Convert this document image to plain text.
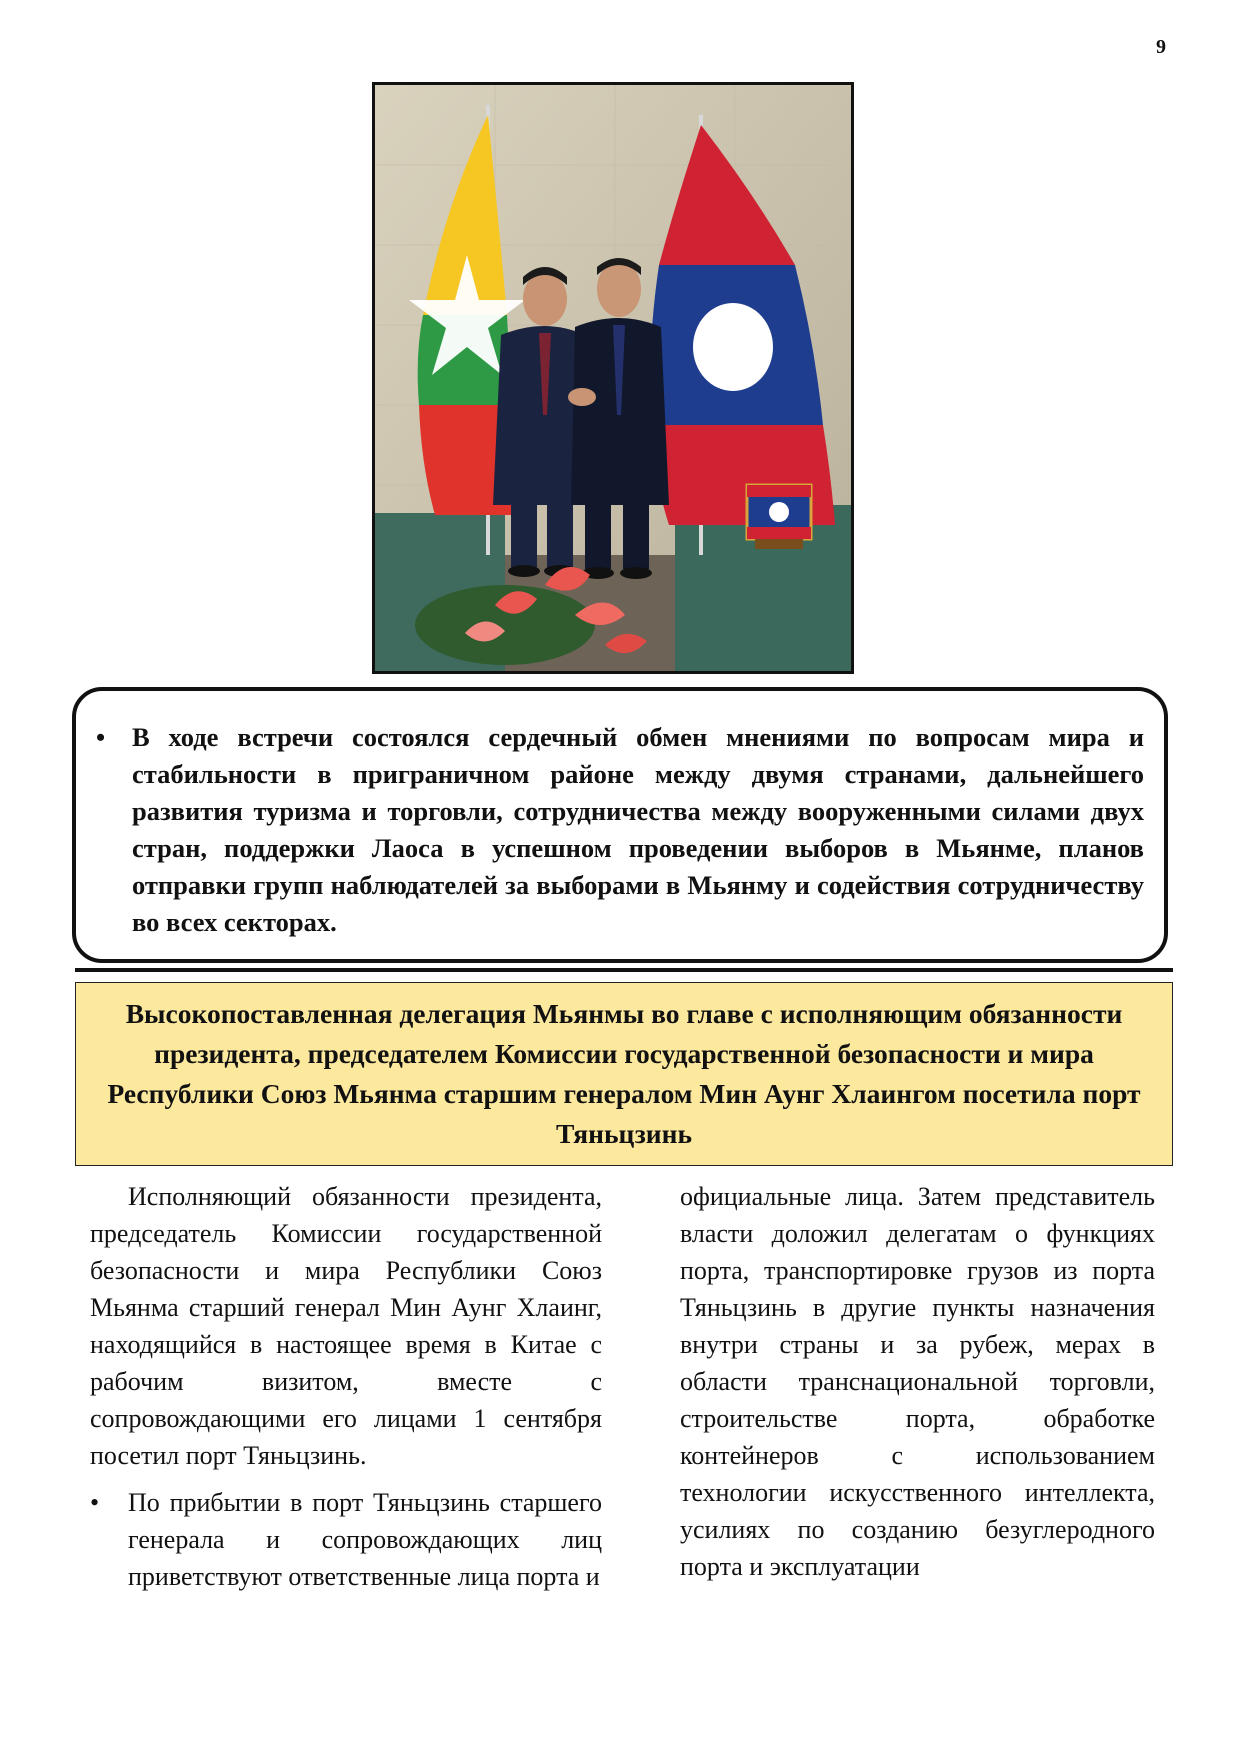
9
• В ходе встречи состоялся сердечный обмен мнениями по вопросам мира и стабильности в приграничном районе между двумя странами, дальнейшего развития туризма и торговли, сотрудничества между вооруженными силами двух стран, поддержки Лаоса в успешном проведении выборов в Мьянме, планов отправки групп наблюдателей за выборами в Мьянму и содействия сотрудничеству во всех секторах.
Высокопоставленная делегация Мьянмы во главе с исполняющим обязанности президента, председателем Комиссии государственной безопасности и мира Республики Союз Мьянма старшим генералом Мин Аунг Хлаингом посетила порт Тяньцзинь

Исполняющий обязанности президента, председатель Комиссии государственной безопасности и мира Республики Союз Мьянма старший генерал Мин Аунг Хлаинг, находящийся в настоящее время в Китае с рабочим визитом, вместе с сопровождающими его лицами 1 сентября посетил порт Тяньцзинь.

• По прибытии в порт Тяньцзинь старшего генерала и сопровождающих лиц приветствуют ответственные лица порта и

официальные лица. Затем представитель власти доложил делегатам о функциях порта, транспортировке грузов из порта Тяньцзинь в другие пункты назначения внутри страны и за рубеж, мерах в области транснациональной торговли, строительстве порта, обработке контейнеров с использованием технологии искусственного интеллекта, усилиях по созданию безуглеродного порта и эксплуатации
